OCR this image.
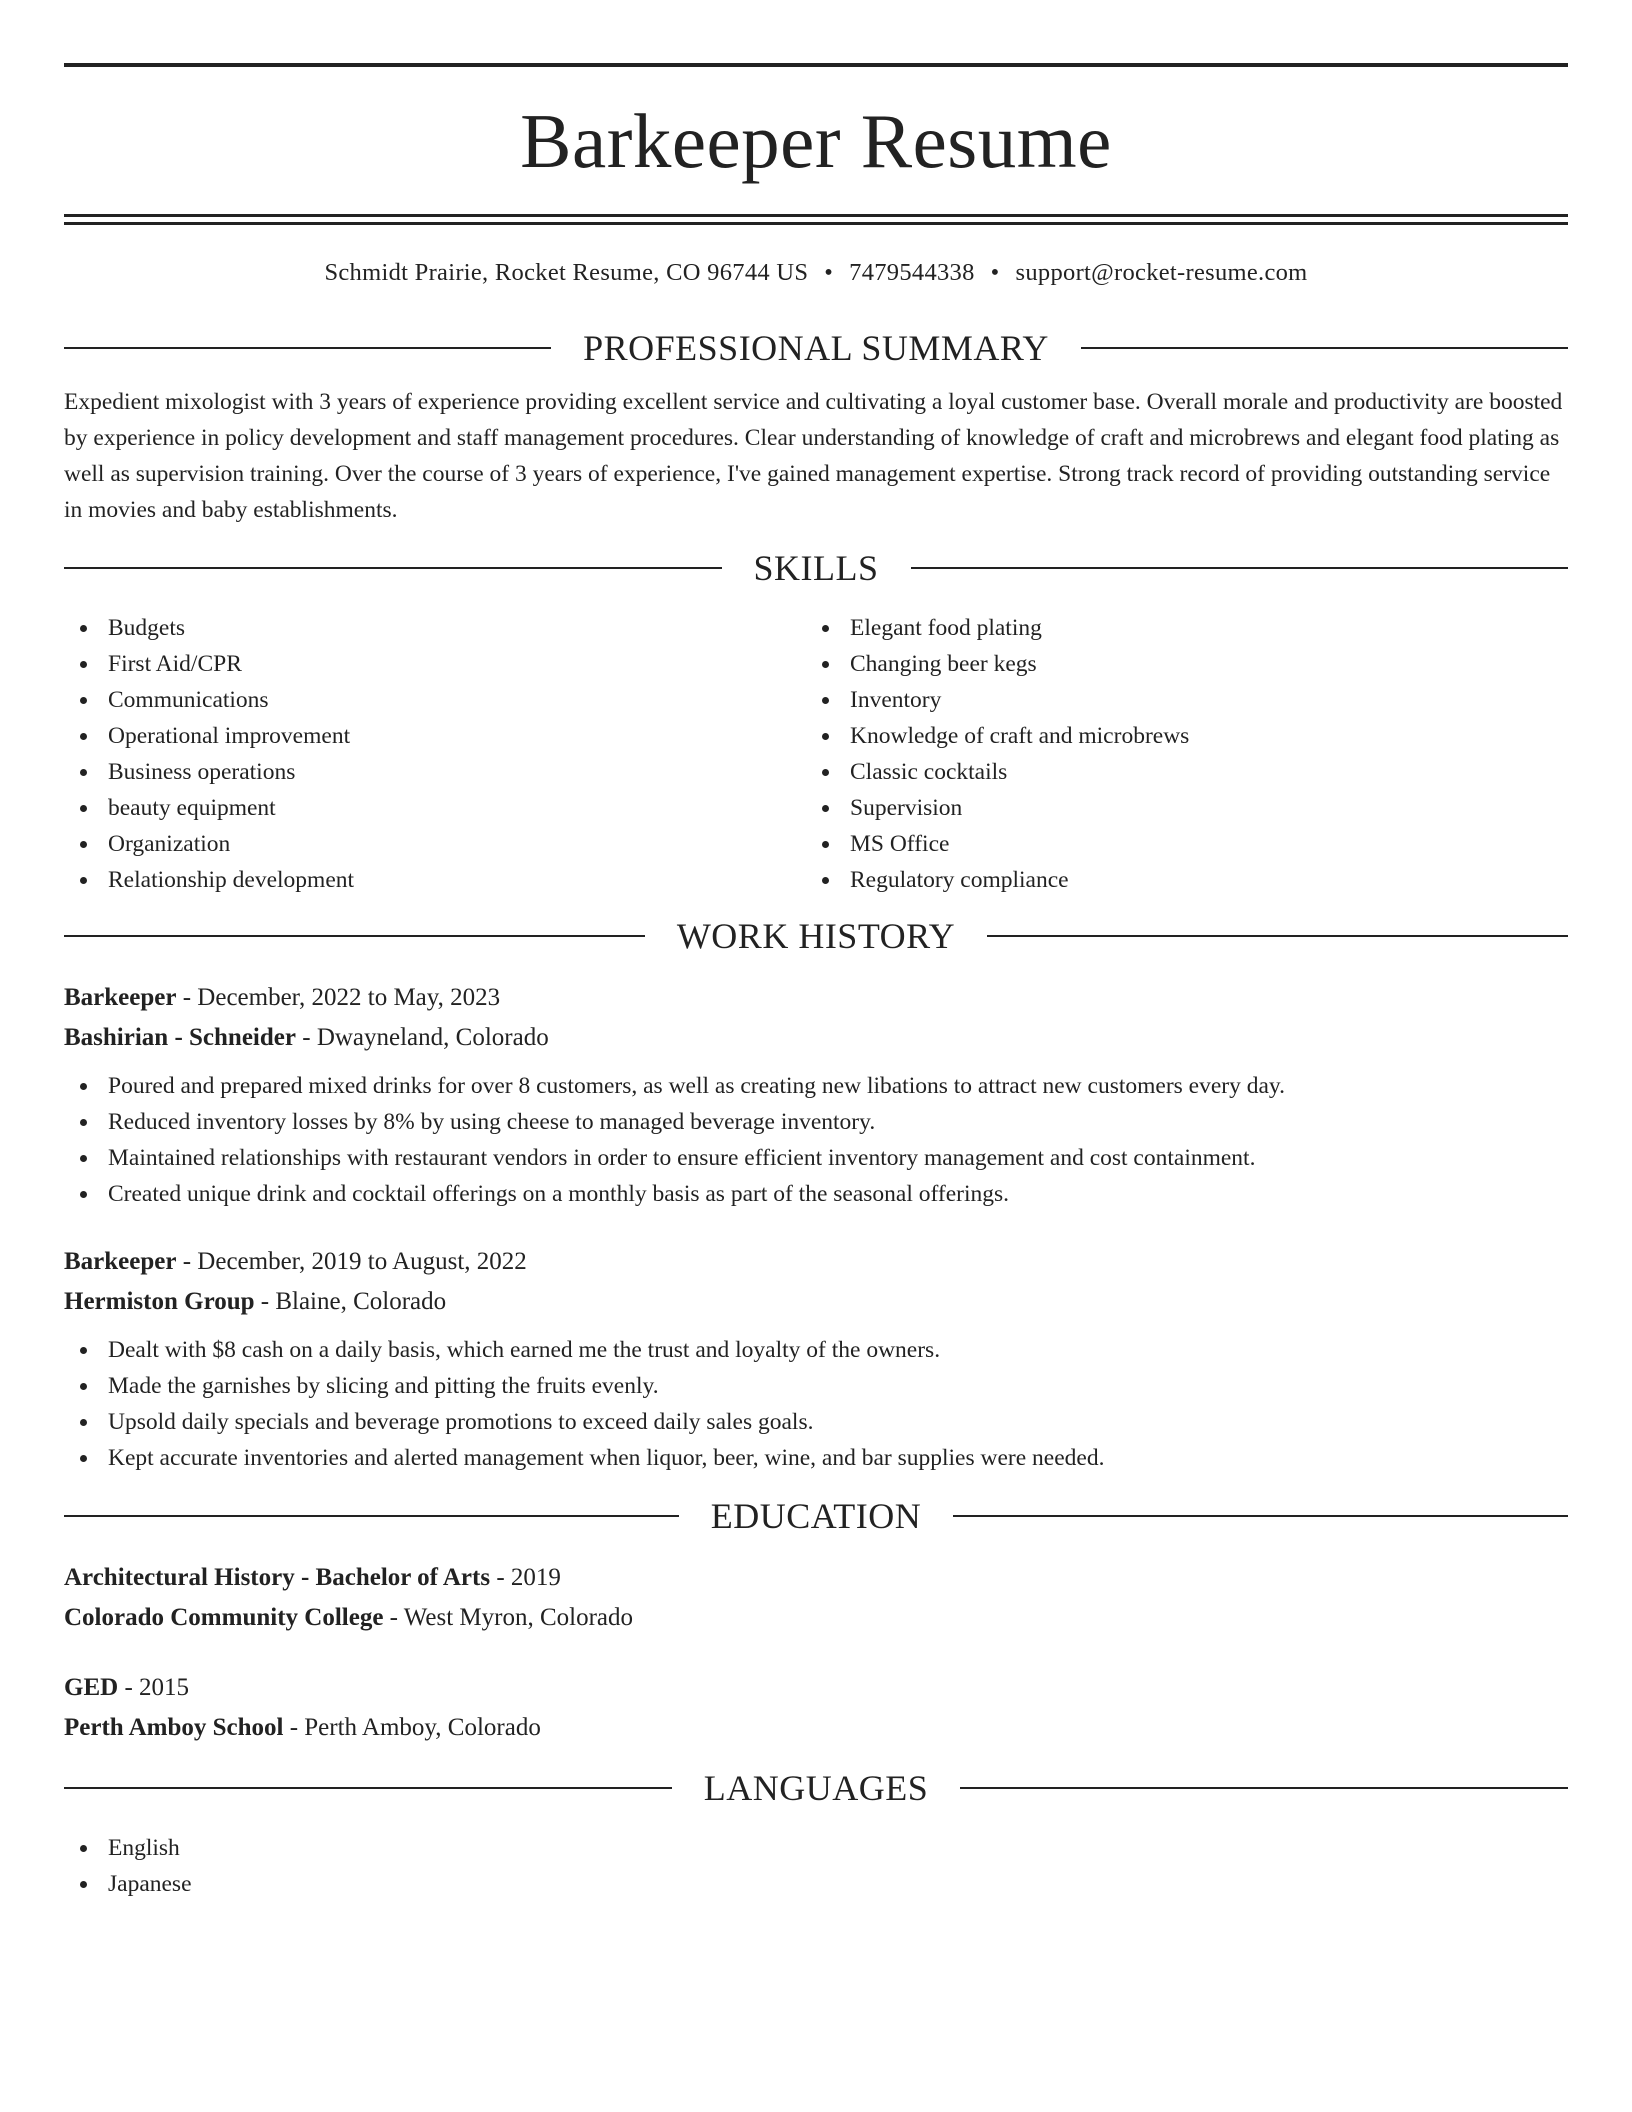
Barkeeper Resume
Schmidt Prairie, Rocket Resume, CO 96744 US • 7479544338 • support@rocket-resume.com
PROFESSIONAL SUMMARY
Expedient mixologist with 3 years of experience providing excellent service and cultivating a loyal customer base. Overall morale and productivity are boosted by experience in policy development and staff management procedures. Clear understanding of knowledge of craft and microbrews and elegant food plating as well as supervision training. Over the course of 3 years of experience, I've gained management expertise. Strong track record of providing outstanding service in movies and baby establishments.
SKILLS
Budgets
First Aid/CPR
Communications
Operational improvement
Business operations
beauty equipment
Organization
Relationship development
Elegant food plating
Changing beer kegs
Inventory
Knowledge of craft and microbrews
Classic cocktails
Supervision
MS Office
Regulatory compliance
WORK HISTORY
Barkeeper - December, 2022 to May, 2023
Bashirian - Schneider - Dwayneland, Colorado
Poured and prepared mixed drinks for over 8 customers, as well as creating new libations to attract new customers every day.
Reduced inventory losses by 8% by using cheese to managed beverage inventory.
Maintained relationships with restaurant vendors in order to ensure efficient inventory management and cost containment.
Created unique drink and cocktail offerings on a monthly basis as part of the seasonal offerings.
Barkeeper - December, 2019 to August, 2022
Hermiston Group - Blaine, Colorado
Dealt with $8 cash on a daily basis, which earned me the trust and loyalty of the owners.
Made the garnishes by slicing and pitting the fruits evenly.
Upsold daily specials and beverage promotions to exceed daily sales goals.
Kept accurate inventories and alerted management when liquor, beer, wine, and bar supplies were needed.
EDUCATION
Architectural History - Bachelor of Arts - 2019
Colorado Community College - West Myron, Colorado
GED - 2015
Perth Amboy School - Perth Amboy, Colorado
LANGUAGES
English
Japanese
